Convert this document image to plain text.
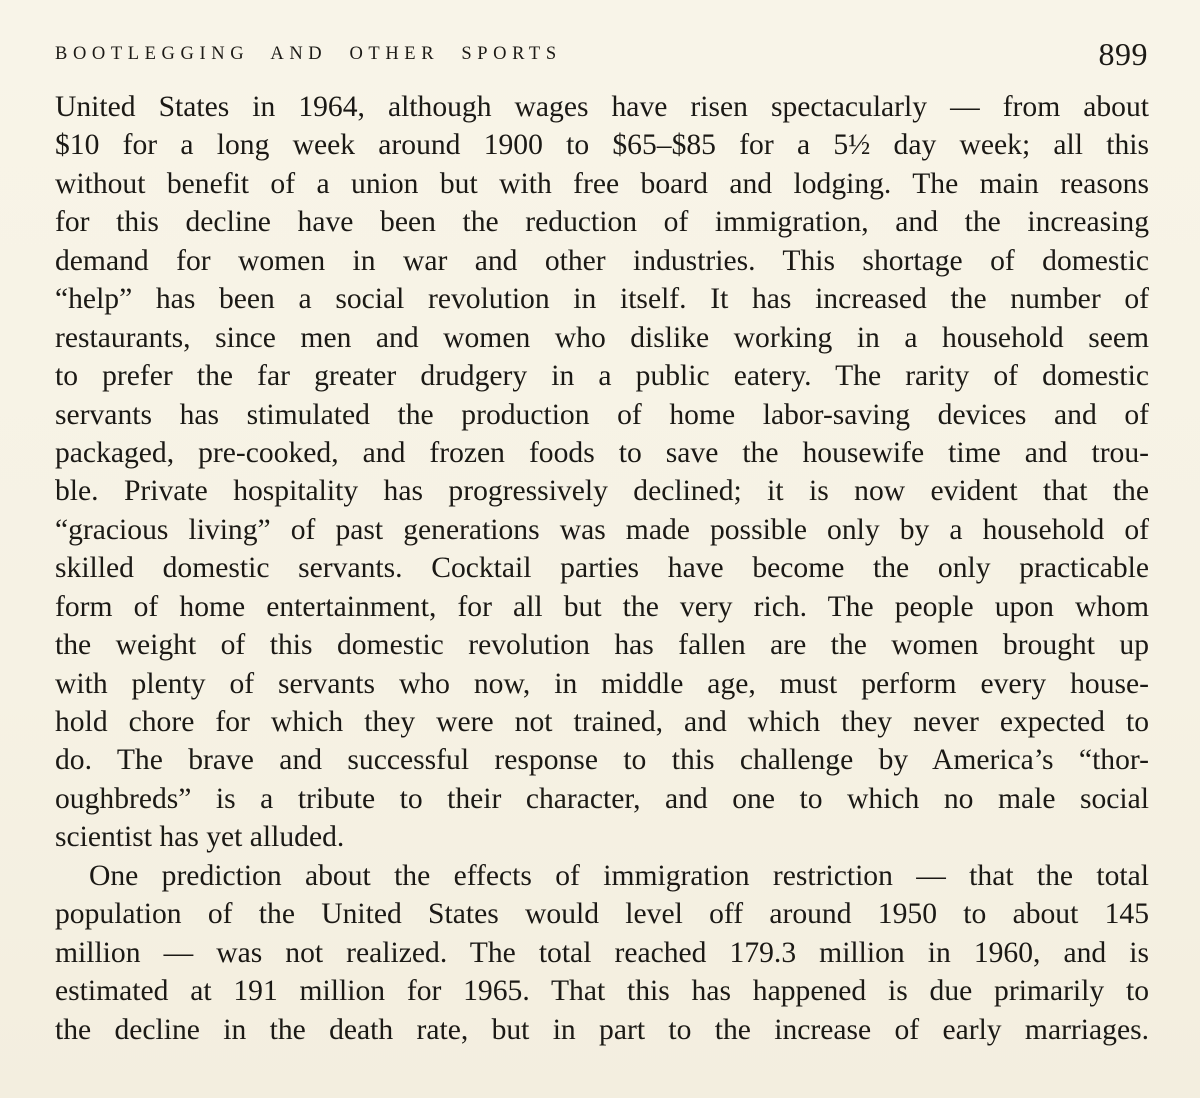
BOOTLEGGING AND OTHER SPORTS	899
United States in 1964, although wages have risen spectacularly — from about
$10 for a long week around 1900 to $65–$85 for a 5½ day week; all this
without benefit of a union but with free board and lodging. The main reasons
for this decline have been the reduction of immigration, and the increasing
demand for women in war and other industries. This shortage of domestic
“help” has been a social revolution in itself. It has increased the number of
restaurants, since men and women who dislike working in a household seem
to prefer the far greater drudgery in a public eatery. The rarity of domestic
servants has stimulated the production of home labor-saving devices and of
packaged, pre-cooked, and frozen foods to save the housewife time and trou-
ble. Private hospitality has progressively declined; it is now evident that the
“gracious living” of past generations was made possible only by a household of
skilled domestic servants. Cocktail parties have become the only practicable
form of home entertainment, for all but the very rich. The people upon whom
the weight of this domestic revolution has fallen are the women brought up
with plenty of servants who now, in middle age, must perform every house-
hold chore for which they were not trained, and which they never expected to
do. The brave and successful response to this challenge by America’s “thor-
oughbreds” is a tribute to their character, and one to which no male social
scientist has yet alluded.
One prediction about the effects of immigration restriction — that the total
population of the United States would level off around 1950 to about 145
million — was not realized. The total reached 179.3 million in 1960, and is
estimated at 191 million for 1965. That this has happened is due primarily to
the decline in the death rate, but in part to the increase of early marriages.
